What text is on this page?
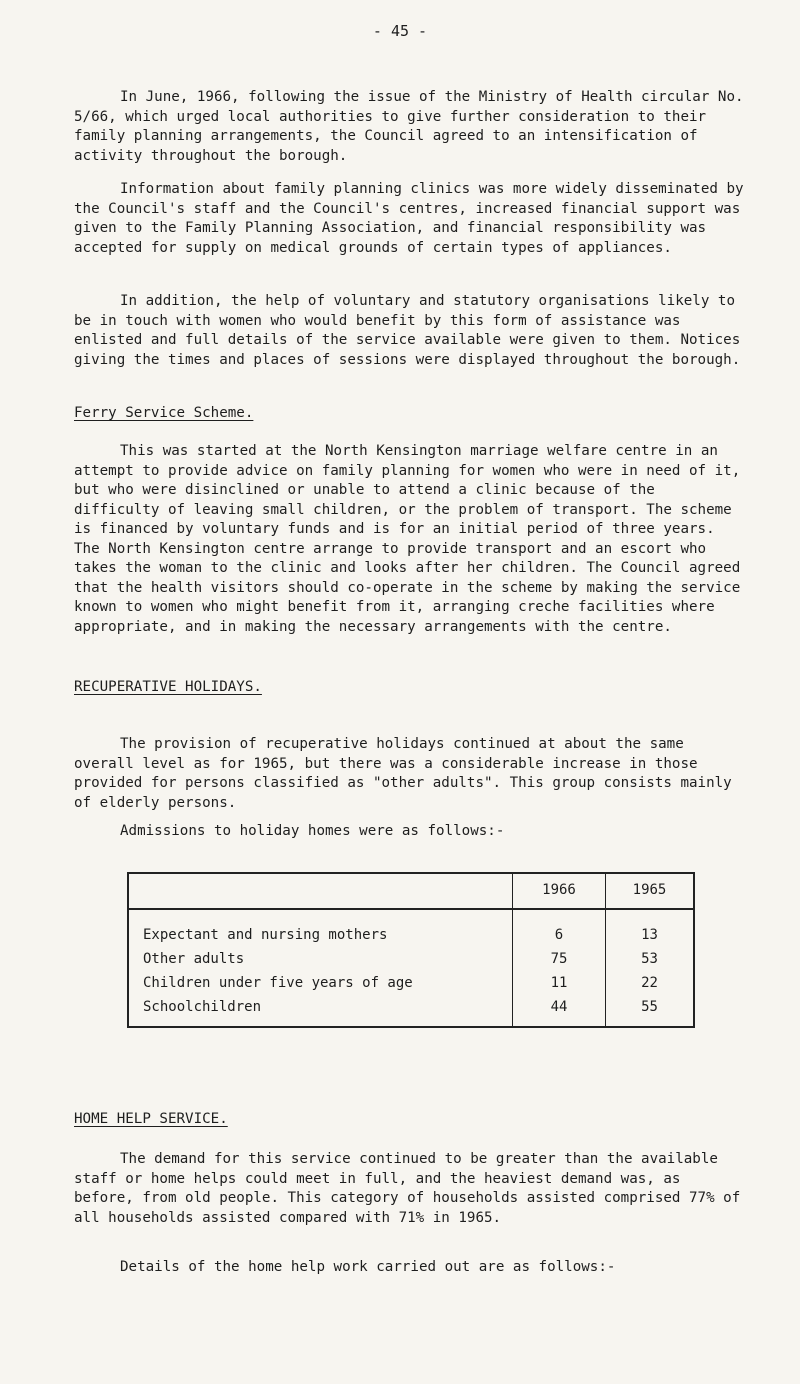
- 45 -

In June, 1966, following the issue of the Ministry of Health circular No. 5/66, which urged local authorities to give further consideration to their family planning arrangements, the Council agreed to an intensification of activity throughout the borough.

Information about family planning clinics was more widely disseminated by the Council's staff and the Council's centres, increased financial support was given to the Family Planning Association, and financial responsibility was accepted for supply on medical grounds of certain types of appliances.

In addition, the help of voluntary and statutory organisations likely to be in touch with women who would benefit by this form of assistance was enlisted and full details of the service available were given to them. Notices giving the times and places of sessions were displayed throughout the borough.

Ferry Service Scheme.

This was started at the North Kensington marriage welfare centre in an attempt to provide advice on family planning for women who were in need of it, but who were disinclined or unable to attend a clinic because of the difficulty of leaving small children, or the problem of transport. The scheme is financed by voluntary funds and is for an initial period of three years. The North Kensington centre arrange to provide transport and an escort who takes the woman to the clinic and looks after her children. The Council agreed that the health visitors should co-operate in the scheme by making the service known to women who might benefit from it, arranging creche facilities where appropriate, and in making the necessary arrangements with the centre.

RECUPERATIVE HOLIDAYS.

The provision of recuperative holidays continued at about the same overall level as for 1965, but there was a considerable increase in those provided for persons classified as "other adults". This group consists mainly of elderly persons.

Admissions to holiday homes were as follows:-

	1966	1965
Expectant and nursing mothers	6	13
Other adults	75	53
Children under five years of age	11	22
Schoolchildren	44	55

HOME HELP SERVICE.

The demand for this service continued to be greater than the available staff or home helps could meet in full, and the heaviest demand was, as before, from old people. This category of households assisted comprised 77% of all households assisted compared with 71% in 1965.

Details of the home help work carried out are as follows:-
